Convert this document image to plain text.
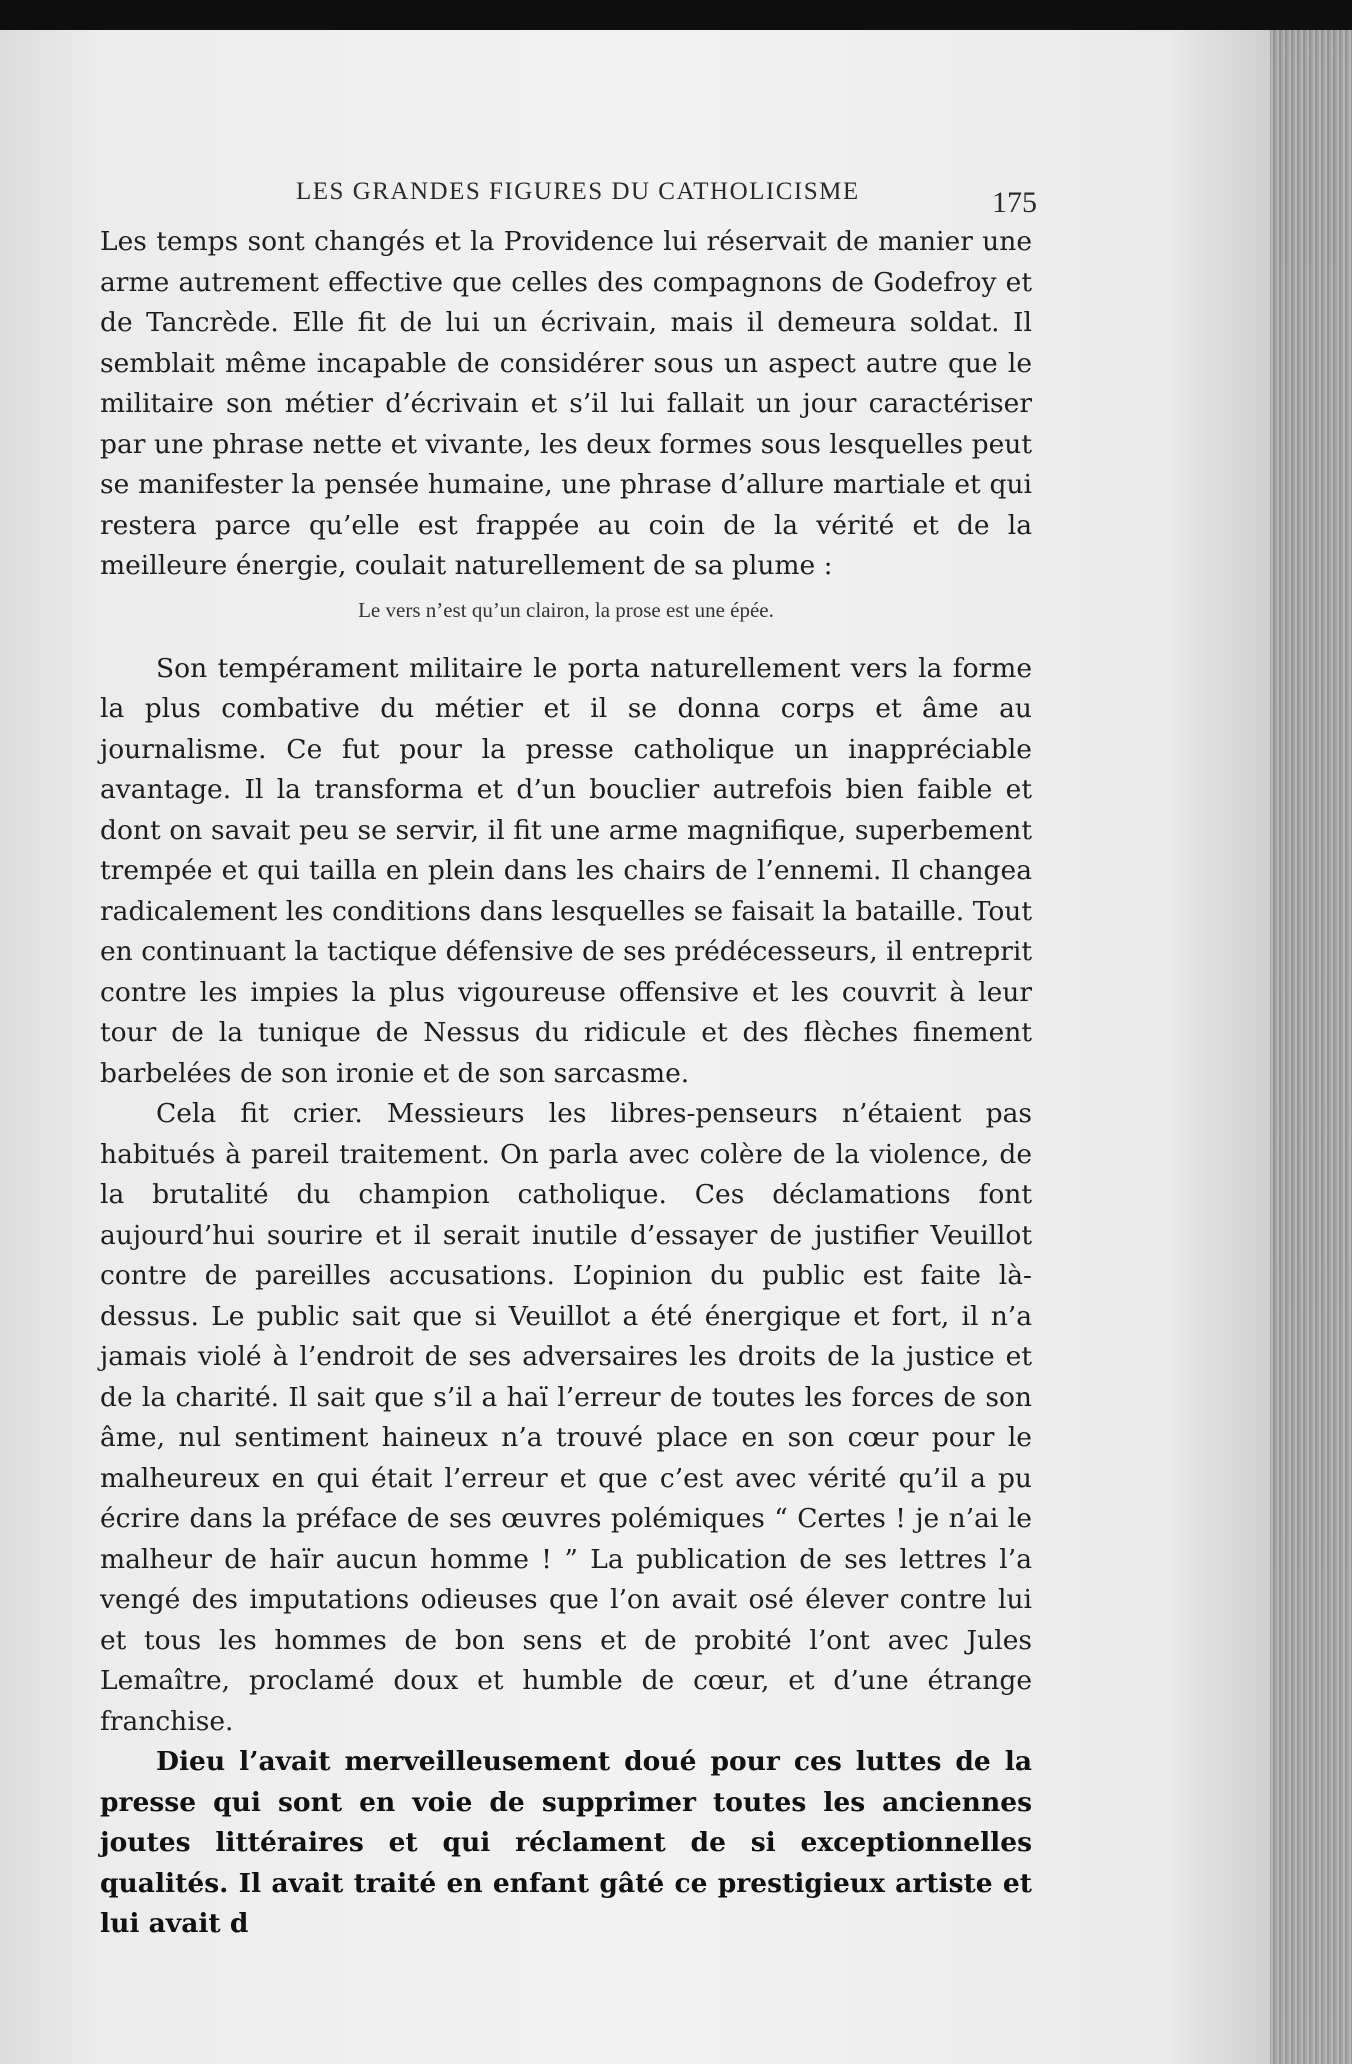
LES GRANDES FIGURES DU CATHOLICISME	175

Les temps sont changés et la Providence lui réservait de manier une arme autrement effective que celles des compagnons de Godefroy et de Tancrède. Elle fit de lui un écrivain, mais il demeura soldat. Il semblait même incapable de considérer sous un aspect autre que le militaire son métier d’écrivain et s’il lui fallait un jour caractériser par une phrase nette et vivante, les deux formes sous lesquelles peut se manifester la pensée humaine, une phrase d’allure martiale et qui restera parce qu’elle est frappée au coin de la vérité et de la meilleure énergie, coulait naturellement de sa plume :

Le vers n’est qu’un clairon, la prose est une épée.

Son tempérament militaire le porta naturellement vers la forme la plus combative du métier et il se donna corps et âme au journalisme. Ce fut pour la presse catholique un inappréciable avantage. Il la transforma et d’un bouclier autrefois bien faible et dont on savait peu se servir, il fit une arme magnifique, superbement trempée et qui tailla en plein dans les chairs de l’ennemi. Il changea radicalement les conditions dans lesquelles se faisait la bataille. Tout en continuant la tactique défensive de ses prédécesseurs, il entreprit contre les impies la plus vigoureuse offensive et les couvrit à leur tour de la tunique de Nessus du ridicule et des flèches finement barbelées de son ironie et de son sarcasme.

Cela fit crier. Messieurs les libres-penseurs n’étaient pas habitués à pareil traitement. On parla avec colère de la violence, de la brutalité du champion catholique. Ces déclamations font aujourd’hui sourire et il serait inutile d’essayer de justifier Veuillot contre de pareilles accusations. L’opinion du public est faite là-dessus. Le public sait que si Veuillot a été énergique et fort, il n’a jamais violé à l’endroit de ses adversaires les droits de la justice et de la charité. Il sait que s’il a haï l’erreur de toutes les forces de son âme, nul sentiment haineux n’a trouvé place en son cœur pour le malheureux en qui était l’erreur et que c’est avec vérité qu’il a pu écrire dans la préface de ses œuvres polémiques “ Certes ! je n’ai le malheur de haïr aucun homme ! ” La publication de ses lettres l’a vengé des imputations odieuses que l’on avait osé élever contre lui et tous les hommes de bon sens et de probité l’ont avec Jules Lemaître, proclamé doux et humble de cœur, et d’une étrange franchise.

Dieu l’avait merveilleusement doué pour ces luttes de la presse qui sont en voie de supprimer toutes les anciennes joutes littéraires et qui réclament de si exceptionnelles qualités. Il avait traité en enfant gâté ce prestigieux artiste et lui avait d
